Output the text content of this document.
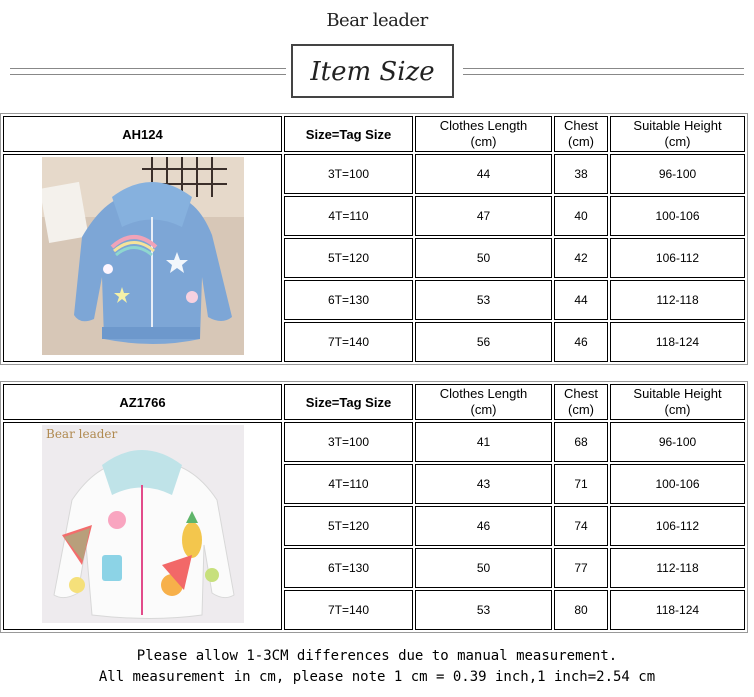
Bear leader
Item Size
AH124	Size=Tag Size	Clothes Length
(cm)	Chest
(cm)	Suitable Height
(cm)

	3T=100	44	38	96-100
	4T=110	47	40	100-106
	5T=120	50	42	106-112
	6T=130	53	44	112-118
	7T=140	56	46	118-124
AZ1766	Size=Tag Size	Clothes Length
(cm)	Chest
(cm)	Suitable Height
(cm)

Bear leader	3T=100	41	68	96-100
	4T=110	43	71	100-106
	5T=120	46	74	106-112
	6T=130	50	77	112-118
	7T=140	53	80	118-124
Please allow 1-3CM differences due to manual measurement.
All measurement in cm, please note 1 cm = 0.39 inch,1 inch=2.54 cm
